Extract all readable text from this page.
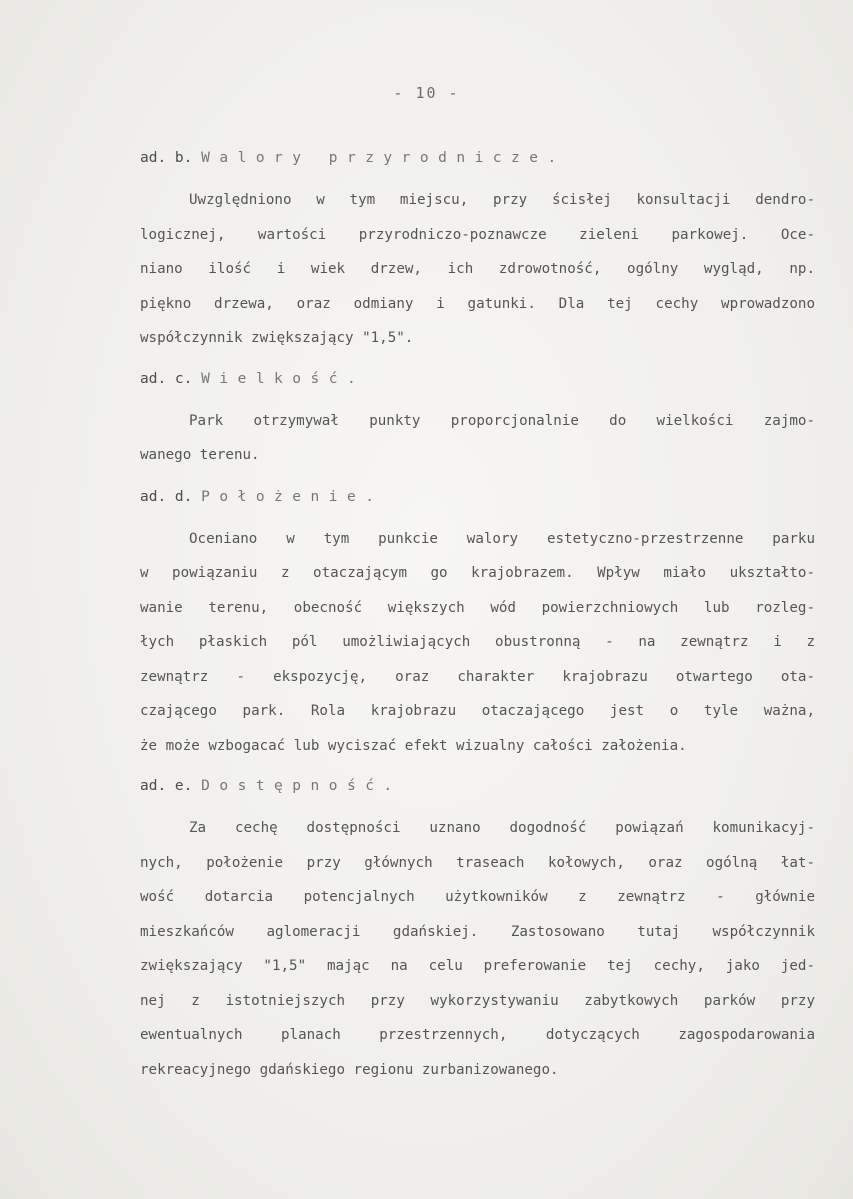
- 10 -
ad. b. Walory przyrodnicze.
Uwzględniono w tym miejscu, przy ścisłej konsultacji dendro-
logicznej, wartości przyrodniczo-poznawcze zieleni parkowej. Oce-
niano ilość i wiek drzew, ich zdrowotność, ogólny wygląd, np.
piękno drzewa, oraz odmiany i gatunki. Dla tej cechy wprowadzono
współczynnik zwiększający "1,5".
ad. c. Wielkość.
Park otrzymywał punkty proporcjonalnie do wielkości zajmo-
wanego terenu.
ad. d. Położenie.
Oceniano w tym punkcie walory estetyczno-przestrzenne parku
w powiązaniu z otaczającym go krajobrazem. Wpływ miało ukształto-
wanie terenu, obecność większych wód powierzchniowych lub rozleg-
łych płaskich pól umożliwiających obustronną - na zewnątrz i z
zewnątrz - ekspozycję, oraz charakter krajobrazu otwartego ota-
czającego park. Rola krajobrazu otaczającego jest o tyle ważna,
że może wzbogacać lub wyciszać efekt wizualny całości założenia.
ad. e. Dostępność.
Za cechę dostępności uznano dogodność powiązań komunikacyj-
nych, położenie przy głównych traseach kołowych, oraz ogólną łat-
wość dotarcia potencjalnych użytkowników z zewnątrz - głównie
mieszkańców aglomeracji gdańskiej. Zastosowano tutaj współczynnik
zwiększający "1,5" mając na celu preferowanie tej cechy, jako jed-
nej z istotniejszych przy wykorzystywaniu zabytkowych parków przy
ewentualnych planach przestrzennych, dotyczących zagospodarowania
rekreacyjnego gdańskiego regionu zurbanizowanego.
